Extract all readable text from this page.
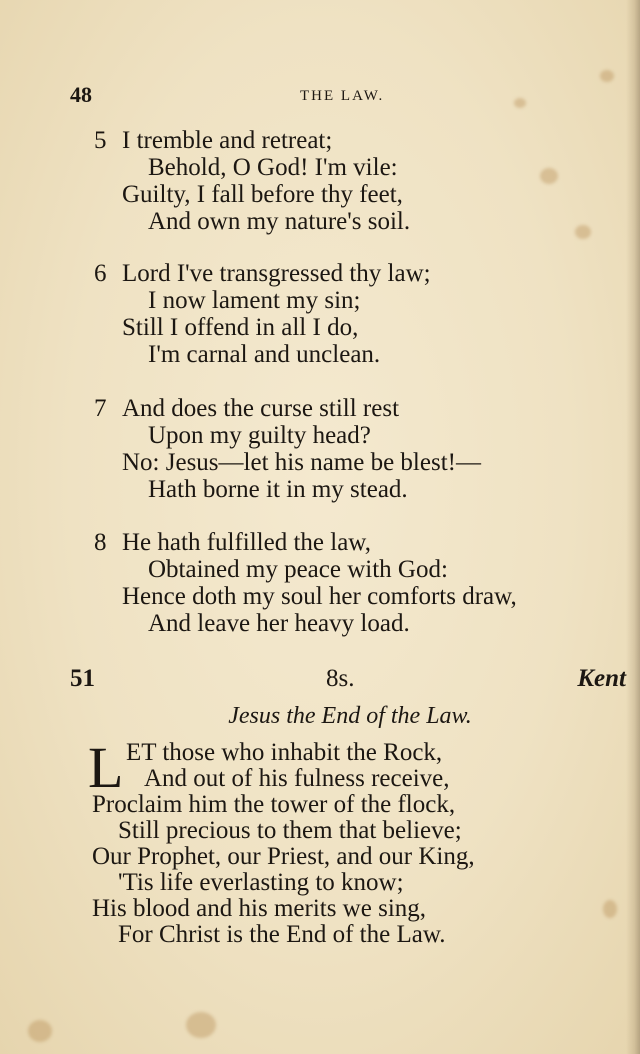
48	THE LAW.
5 I tremble and retreat;
Behold, O God! I'm vile:
Guilty, I fall before thy feet,
And own my nature's soil.
6 Lord I've transgressed thy law;
I now lament my sin;
Still I offend in all I do,
I'm carnal and unclean.
7 And does the curse still rest
Upon my guilty head?
No: Jesus—let his name be blest!—
Hath borne it in my stead.
8 He hath fulfilled the law,
Obtained my peace with God:
Hence doth my soul her comforts draw,
And leave her heavy load.
51	8s.	Kent
Jesus the End of the Law.
L ET those who inhabit the Rock,
And out of his fulness receive,
Proclaim him the tower of the flock,
Still precious to them that believe;
Our Prophet, our Priest, and our King,
'Tis life everlasting to know;
His blood and his merits we sing,
For Christ is the End of the Law.
